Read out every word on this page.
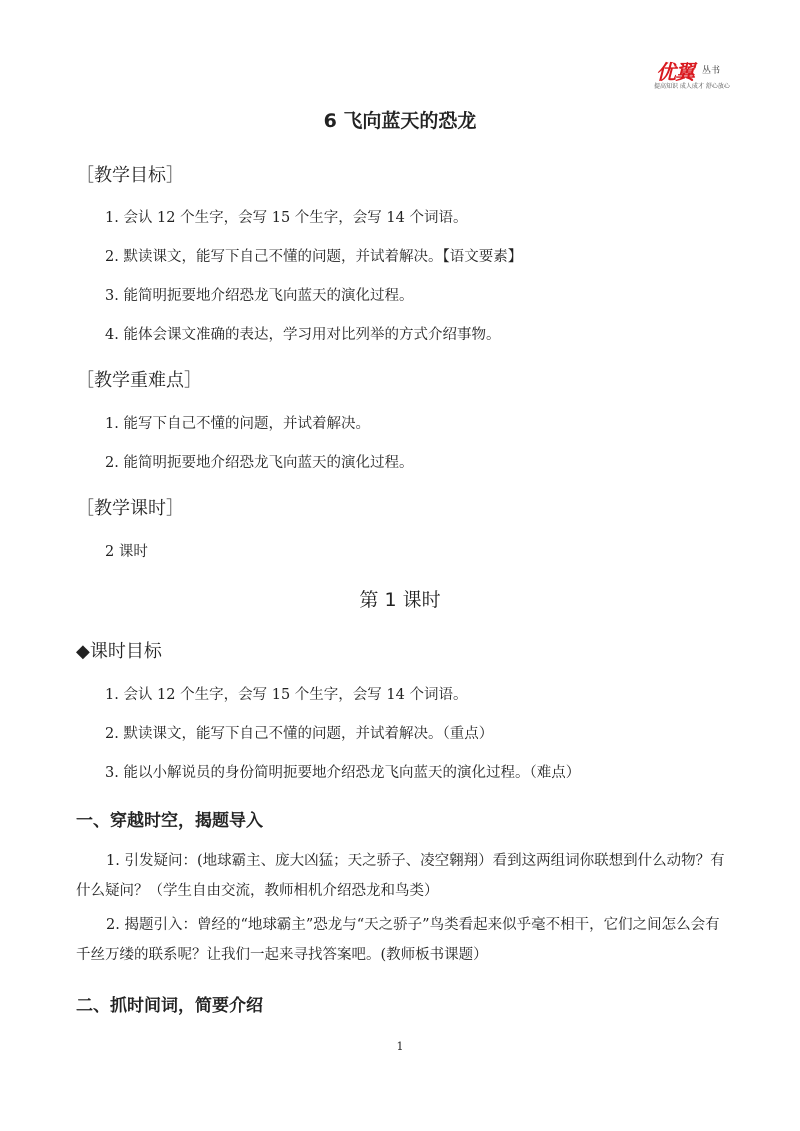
优翼 丛书
提高知识 成人成才 舒心放心
6 飞向蓝天的恐龙
［教学目标］
1. 会认 12 个生字，会写 15 个生字，会写 14 个词语。
2. 默读课文，能写下自己不懂的问题，并试着解决。【语文要素】
3. 能简明扼要地介绍恐龙飞向蓝天的演化过程。
4. 能体会课文准确的表达，学习用对比列举的方式介绍事物。
［教学重难点］
1. 能写下自己不懂的问题，并试着解决。
2. 能简明扼要地介绍恐龙飞向蓝天的演化过程。
［教学课时］
2 课时
第 1 课时
◆课时目标
1. 会认 12 个生字，会写 15 个生字，会写 14 个词语。
2. 默读课文，能写下自己不懂的问题，并试着解决。（重点）
3. 能以小解说员的身份简明扼要地介绍恐龙飞向蓝天的演化过程。（难点）
一、穿越时空，揭题导入
1. 引发疑问：(地球霸主、庞大凶猛；天之骄子、凌空翱翔）看到这两组词你联想到什么动物？有什么疑问？（学生自由交流，教师相机介绍恐龙和鸟类）
2. 揭题引入：曾经的“地球霸主”恐龙与“天之骄子”鸟类看起来似乎毫不相干，它们之间怎么会有千丝万缕的联系呢？让我们一起来寻找答案吧。(教师板书课题）
二、抓时间词，简要介绍
1
